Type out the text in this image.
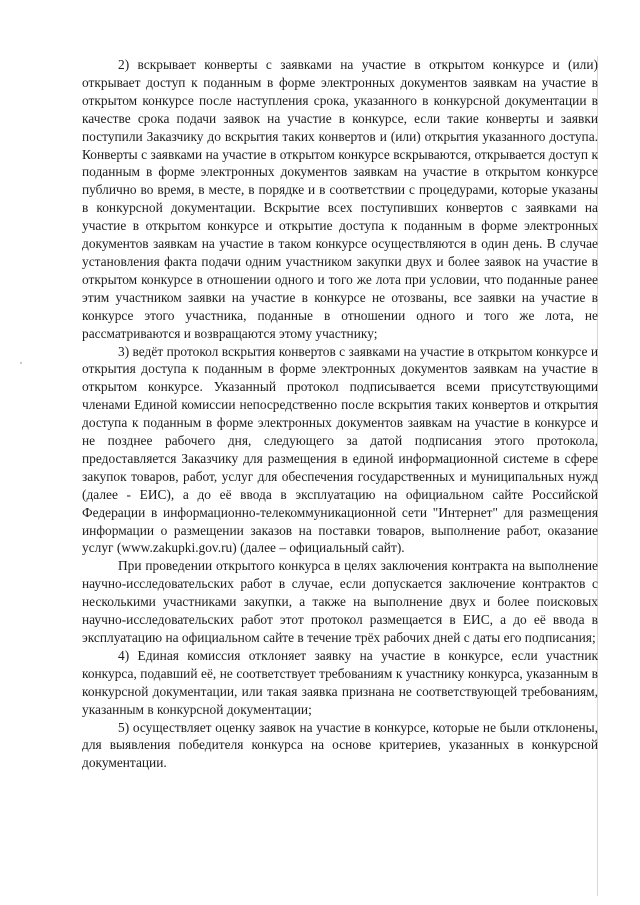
2) вскрывает конверты с заявками на участие в открытом конкурсе и (или) открывает доступ к поданным в форме электронных документов заявкам на участие в открытом конкурсе после наступления срока, указанного в конкурсной документации в качестве срока подачи заявок на участие в конкурсе, если такие конверты и заявки поступили Заказчику до вскрытия таких конвертов и (или) открытия указанного доступа. Конверты с заявками на участие в открытом конкурсе вскрываются, открывается доступ к поданным в форме электронных документов заявкам на участие в открытом конкурсе публично во время, в месте, в порядке и в соответствии с процедурами, которые указаны в конкурсной документации. Вскрытие всех поступивших конвертов с заявками на участие в открытом конкурсе и открытие доступа к поданным в форме электронных документов заявкам на участие в таком конкурсе осуществляются в один день. В случае установления факта подачи одним участником закупки двух и более заявок на участие в открытом конкурсе в отношении одного и того же лота при условии, что поданные ранее этим участником заявки на участие в конкурсе не отозваны, все заявки на участие в конкурсе этого участника, поданные в отношении одного и того же лота, не рассматриваются и возвращаются этому участнику;

3) ведёт протокол вскрытия конвертов с заявками на участие в открытом конкурсе и открытия доступа к поданным в форме электронных документов заявкам на участие в открытом конкурсе. Указанный протокол подписывается всеми присутствующими членами Единой комиссии непосредственно после вскрытия таких конвертов и открытия доступа к поданным в форме электронных документов заявкам на участие в конкурсе и не позднее рабочего дня, следующего за датой подписания этого протокола, предоставляется Заказчику для размещения в единой информационной системе в сфере закупок товаров, работ, услуг для обеспечения государственных и муниципальных нужд (далее - ЕИС), а до её ввода в эксплуатацию на официальном сайте Российской Федерации в информационно-телекоммуникационной сети "Интернет" для размещения информации о размещении заказов на поставки товаров, выполнение работ, оказание услуг (www.zakupki.gov.ru) (далее – официальный сайт).

При проведении открытого конкурса в целях заключения контракта на выполнение научно-исследовательских работ в случае, если допускается заключение контрактов с несколькими участниками закупки, а также на выполнение двух и более поисковых научно-исследовательских работ этот протокол размещается в ЕИС, а до её ввода в эксплуатацию на официальном сайте в течение трёх рабочих дней с даты его подписания;

4) Единая комиссия отклоняет заявку на участие в конкурсе, если участник конкурса, подавший её, не соответствует требованиям к участнику конкурса, указанным в конкурсной документации, или такая заявка признана не соответствующей требованиям, указанным в конкурсной документации;

5) осуществляет оценку заявок на участие в конкурсе, которые не были отклонены, для выявления победителя конкурса на основе критериев, указанных в конкурсной документации.
